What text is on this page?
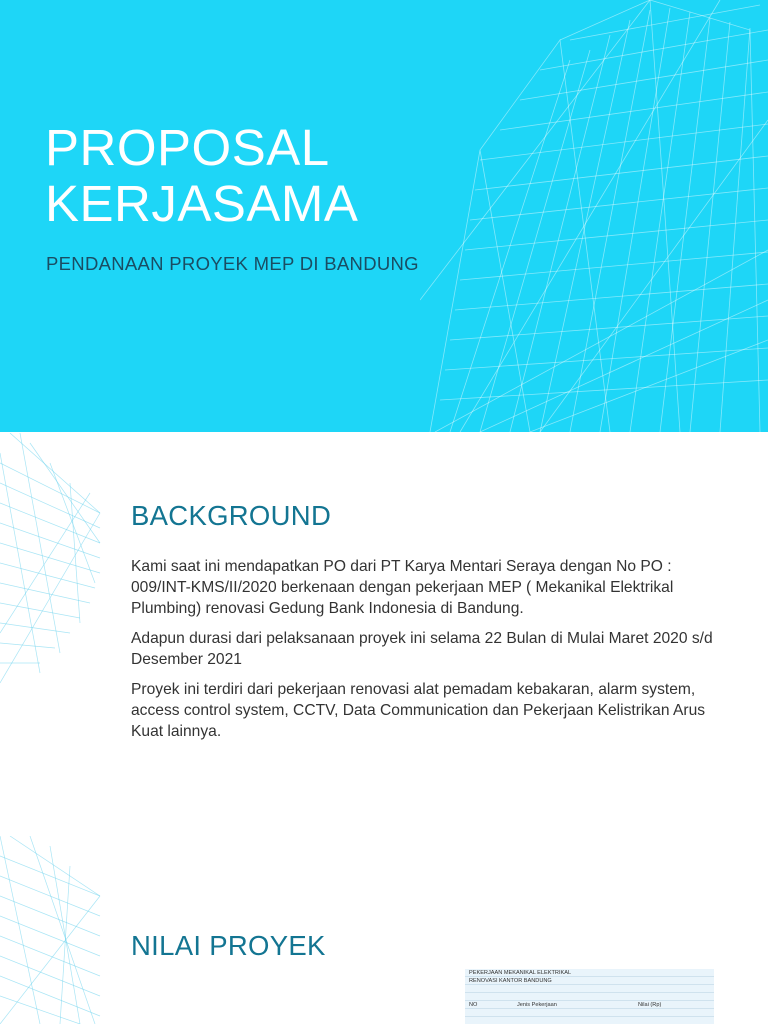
PROPOSAL
KERJASAMA

PENDANAAN PROYEK MEP DI BANDUNG

BACKGROUND

Kami saat ini mendapatkan PO dari PT Karya Mentari Seraya dengan No PO : 009/INT-KMS/II/2020 berkenaan dengan pekerjaan MEP ( Mekanikal Elektrikal Plumbing) renovasi Gedung Bank Indonesia di Bandung.

Adapun durasi dari pelaksanaan proyek ini selama 22 Bulan di Mulai Maret 2020 s/d Desember 2021

Proyek ini terdiri dari pekerjaan renovasi alat pemadam kebakaran, alarm system, access control system, CCTV, Data Communication dan Pekerjaan Kelistrikan Arus Kuat lainnya.

NILAI PROYEK
PEKERJAAN MEKANIKAL ELEKTRIKAL
RENOVASI KANTOR BANDUNG
NO	Jenis Pekerjaan	Nilai (Rp)
